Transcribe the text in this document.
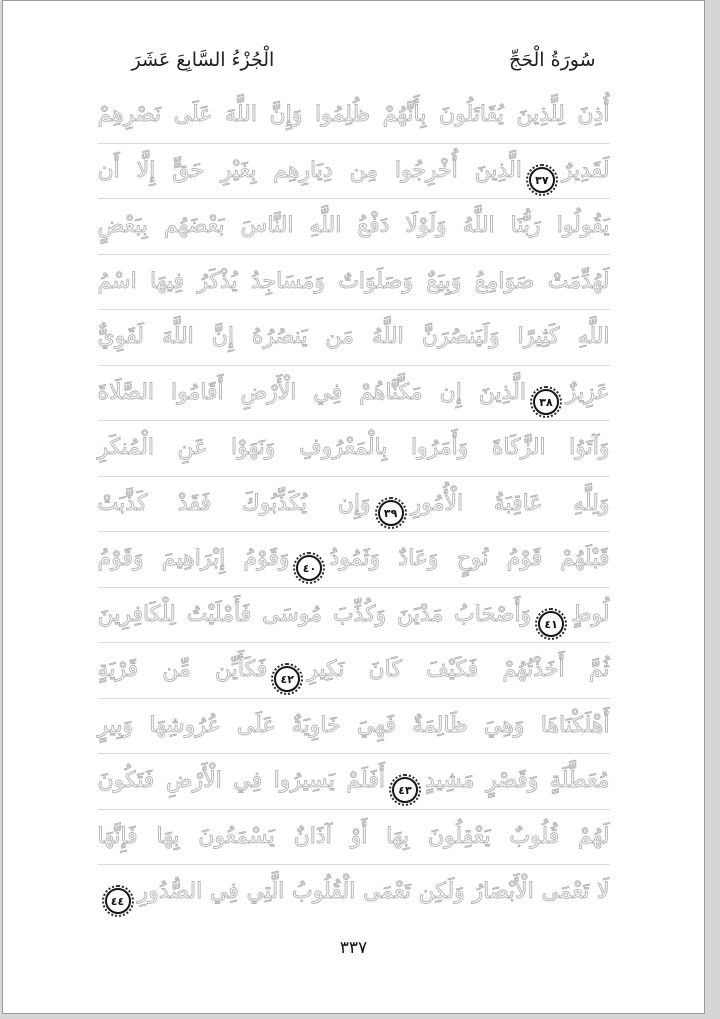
سُورَةُ الْحَجِّ
الْجُزْءُ السَّابِعَ عَشَرَ
أُذِنَ لِلَّذِينَ يُقَاتَلُونَ بِأَنَّهُمْ ظُلِمُوا وَإِنَّ اللَّهَ عَلَى نَصْرِهِمْ
لَقَدِيرٌ٣٧الَّذِينَ أُخْرِجُوا مِن دِيَارِهِم بِغَيْرِ حَقٍّ إِلَّا أَن
يَقُولُوا رَبُّنَا اللَّهُ وَلَوْلَا دَفْعُ اللَّهِ النَّاسَ بَعْضَهُم بِبَعْضٍ
لَهُدِّمَتْ صَوَامِعُ وَبِيَعٌ وَصَلَوَاتٌ وَمَسَاجِدُ يُذْكَرُ فِيهَا اسْمُ
اللَّهِ كَثِيرًا وَلَيَنصُرَنَّ اللَّهُ مَن يَنصُرُهُ إِنَّ اللَّهَ لَقَوِيٌّ
عَزِيزٌ٣٨الَّذِينَ إِن مَكَّنَّاهُمْ فِي الْأَرْضِ أَقَامُوا الصَّلَاةَ
وَآتَوُا الزَّكَاةَ وَأَمَرُوا بِالْمَعْرُوفِ وَنَهَوْا عَنِ الْمُنكَرِ
وَلِلَّهِ عَاقِبَةُ الْأُمُورِ٣٩وَإِن يُكَذِّبُوكَ فَقَدْ كَذَّبَتْ
قَبْلَهُمْ قَوْمُ نُوحٍ وَعَادٌ وَثَمُودُ٤٠وَقَوْمُ إِبْرَاهِيمَ وَقَوْمُ
لُوطٍ٤١وَأَصْحَابُ مَدْيَنَ وَكُذِّبَ مُوسَى فَأَمْلَيْتُ لِلْكَافِرِينَ
ثُمَّ أَخَذْتُهُمْ فَكَيْفَ كَانَ نَكِيرِ٤٢فَكَأَيِّن مِّن قَرْيَةٍ
أَهْلَكْنَاهَا وَهِيَ ظَالِمَةٌ فَهِيَ خَاوِيَةٌ عَلَى عُرُوشِهَا وَبِيرٍ
مُعَطَّلَةٍ وَقَصْرٍ مَشِيدٍ٤٣أَفَلَمْ يَسِيرُوا فِي الْأَرْضِ فَتَكُونَ
لَهُمْ قُلُوبٌ يَعْقِلُونَ بِهَا أَوْ آذَانٌ يَسْمَعُونَ بِهَا فَإِنَّهَا
لَا تَعْمَى الْأَبْصَارُ وَلَكِن تَعْمَى الْقُلُوبُ الَّتِي فِي الصُّدُورِ٤٤
٣٣٧
